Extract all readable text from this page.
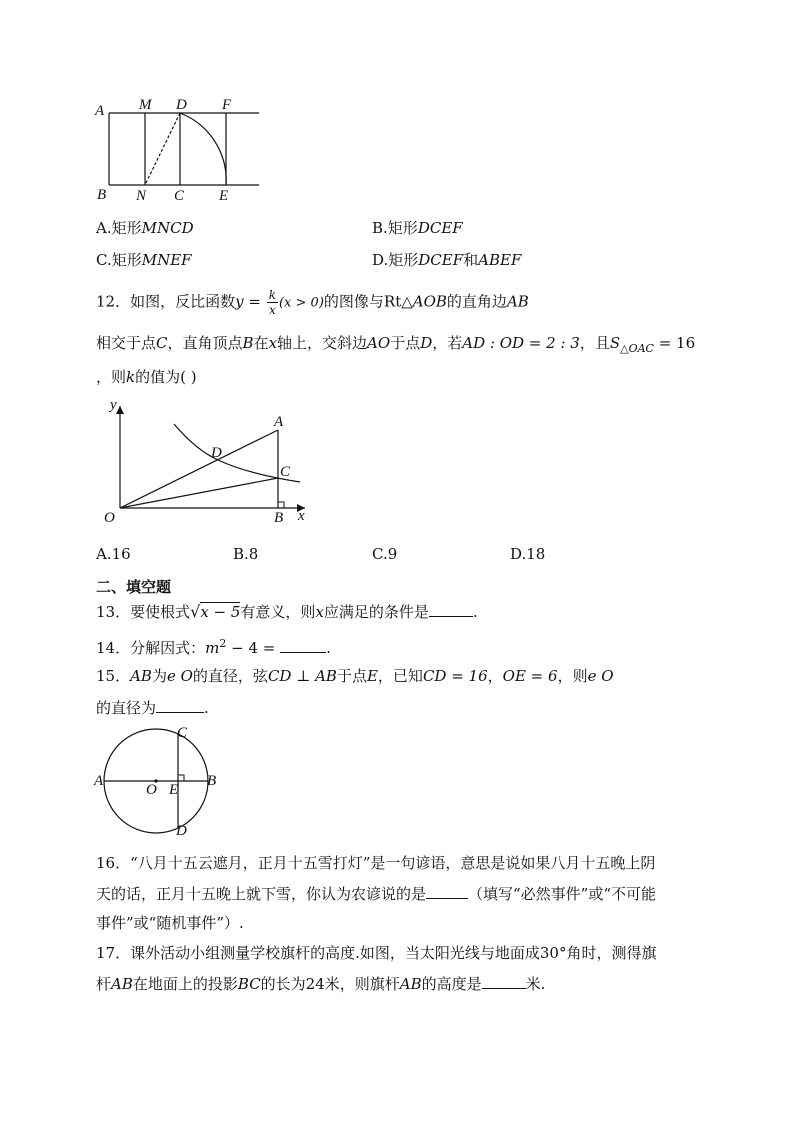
A M D F
B N C E
A.矩形MNCD	B.矩形DCEF
C.矩形MNEF	D.矩形DCEF和ABEF
12．如图，反比函数$y = \frac{k}{x} (x > 0)$的图像与Rt△AOB的直角边AB
相交于点C，直角顶点B在x轴上，交斜边AO于点D，若AD : OD = 2 : 3，且$S_{\triangle OAC} = 16$
，则k的值为( )
y
A
D
C
O	B x
A.16	B.8	C.9	D.18
二、填空题
13．要使根式√x − 5有意义，则x应满足的条件是	.
14．分解因式：$m^2 - 4$ =	.
15．AB为e O的直径，弦CD ⊥ AB于点E，已知CD = 16，OE = 6，则e O
的直径为	.
A
O E
B
C
D
16．“八月十五云遮月，正月十五雪打灯”是一句谚语，意思是说如果八月十五晚上阴
天的话，正月十五晚上就下雪，你认为农谚说的是	（填写“必然事件”或“不可能
事件”或“随机事件”）.
17．课外活动小组测量学校旗杆的高度.如图，当太阳光线与地面成30°角时，测得旗
杆AB在地面上的投影BC的长为24米，则旗杆AB的高度是	米.
